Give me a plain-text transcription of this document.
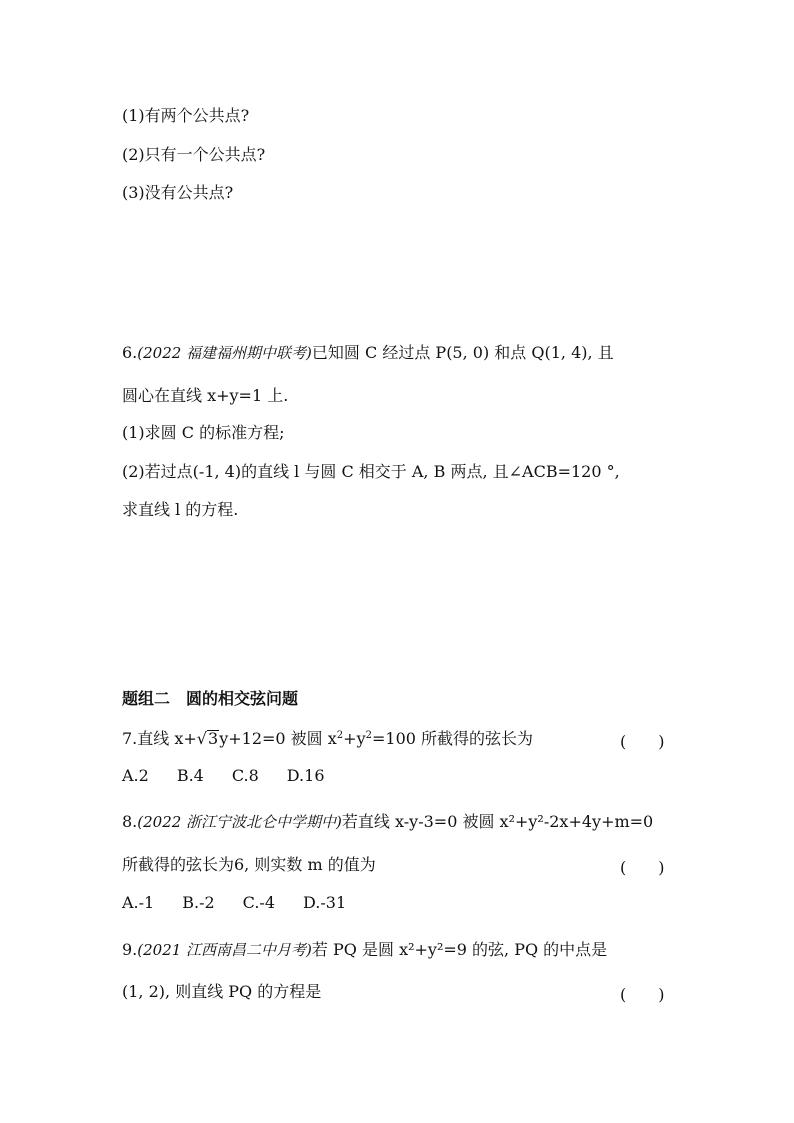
(1)有两个公共点?
(2)只有一个公共点?
(3)没有公共点?
6.(2022 福建福州期中联考)已知圆 C 经过点 P(5, 0) 和点 Q(1, 4), 且
圆心在直线 x+y=1 上.
(1)求圆 C 的标准方程;
(2)若过点(-1, 4)的直线 l 与圆 C 相交于 A, B 两点, 且∠ACB=120 °,
求直线 l 的方程.
题组二　圆的相交弦问题
7.直线 x+√3y+12=0 被圆 $x^2+y^2=100$ 所截得的弦长为	(　　)
A.2 B.4 C.8 D.16
8.(2022 浙江宁波北仑中学期中)若直线 x-y-3=0 被圆 x²+y²-2x+4y+m=0
所截得的弦长为6, 则实数 m 的值为	(　　)
A.-1 B.-2 C.-4 D.-31
9.(2021 江西南昌二中月考)若 PQ 是圆 x²+y²=9 的弦, PQ 的中点是
(1, 2), 则直线 PQ 的方程是	(　　)
